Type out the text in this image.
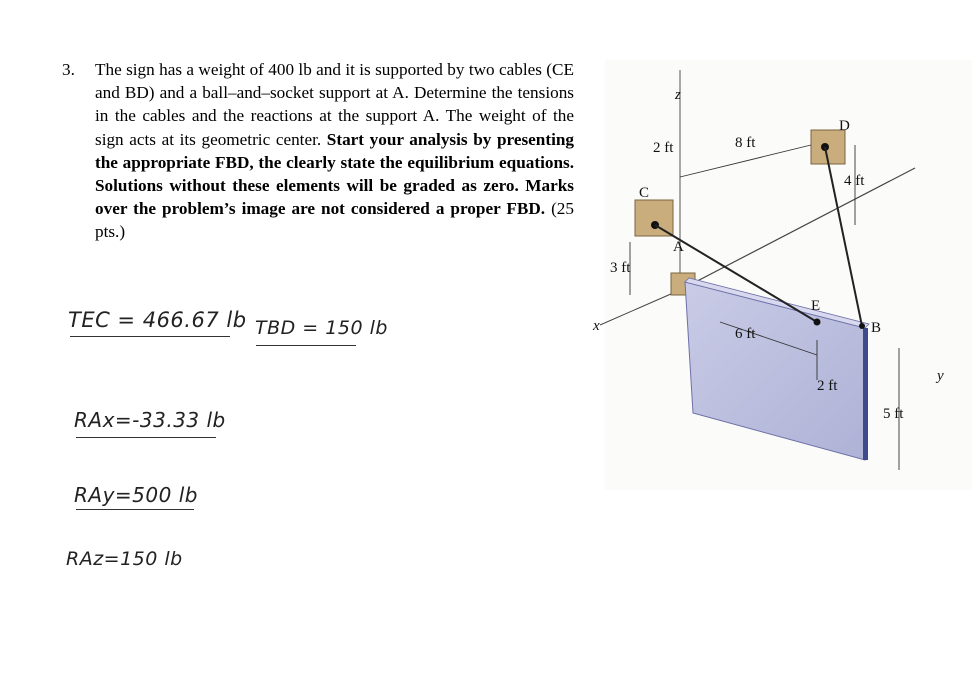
3. The sign has a weight of 400 lb and it is supported by two cables (CE and BD) and a ball–and–socket support at A. Determine the tensions in the cables and the reactions at the support A. The weight of the sign acts at its geometric center. Start your analysis by presenting the appropriate FBD, the clearly state the equilibrium equations. Solutions without these elements will be graded as zero. Marks over the problem’s image are not considered a proper FBD. (25 pts.)
TEC = 466.67 lb TBD = 150 lb
RAx=-33.33 lb
RAy=500 lb
RAz=150 lb
z
x
y
A
B
C
D
E
2 ft	8 ft
4 ft
3 ft
6 ft
2 ft
5 ft
